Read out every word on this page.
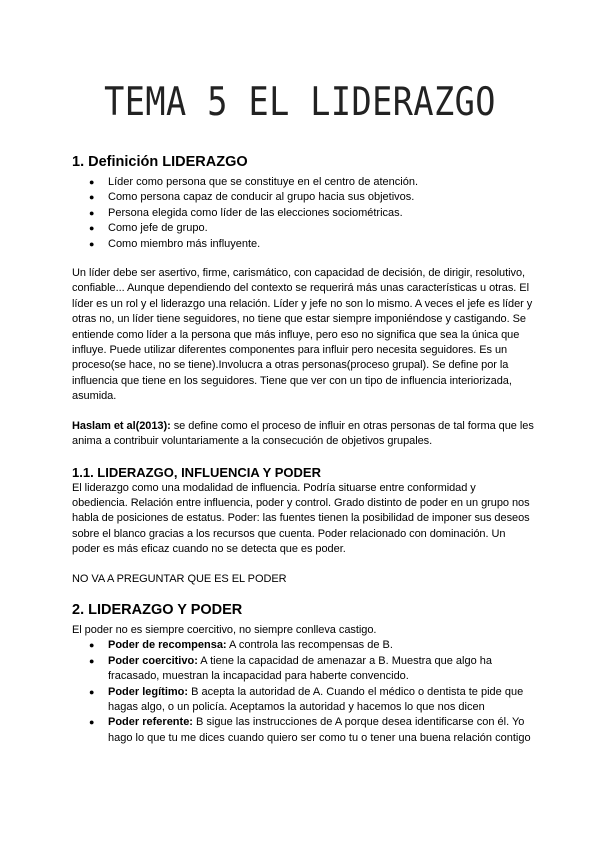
TEMA 5 EL LIDERAZGO
1. Definición LIDERAZGO
● Líder como persona que se constituye en el centro de atención.
● Como persona capaz de conducir al grupo hacia sus objetivos.
● Persona elegida como líder de las elecciones sociométricas.
● Como jefe de grupo.
● Como miembro más influyente.

Un líder debe ser asertivo, firme, carismático, con capacidad de decisión, de dirigir, resolutivo, confiable... Aunque dependiendo del contexto se requerirá más unas características u otras. El líder es un rol y el liderazgo una relación. Líder y jefe no son lo mismo. A veces el jefe es líder y otras no, un líder tiene seguidores, no tiene que estar siempre imponiéndose y castigando. Se entiende como líder a la persona que más influye, pero eso no significa que sea la única que influye. Puede utilizar diferentes componentes para influir pero necesita seguidores. Es un proceso(se hace, no se tiene).Involucra a otras personas(proceso grupal). Se define por la influencia que tiene en los seguidores. Tiene que ver con un tipo de influencia interiorizada, asumida.

Haslam et al(2013): se define como el proceso de influir en otras personas de tal forma que les anima a contribuir voluntariamente a la consecución de objetivos grupales.

1.1. LIDERAZGO, INFLUENCIA Y PODER

El liderazgo como una modalidad de influencia. Podría situarse entre conformidad y obediencia. Relación entre influencia, poder y control. Grado distinto de poder en un grupo nos habla de posiciones de estatus. Poder: las fuentes tienen la posibilidad de imponer sus deseos sobre el blanco gracias a los recursos que cuenta. Poder relacionado con dominación. Un poder es más eficaz cuando no se detecta que es poder.

NO VA A PREGUNTAR QUE ES EL PODER

2. LIDERAZGO Y PODER

El poder no es siempre coercitivo, no siempre conlleva castigo.

● Poder de recompensa: A controla las recompensas de B.
● Poder coercitivo: A tiene la capacidad de amenazar a B. Muestra que algo ha fracasado, muestran la incapacidad para haberte convencido.
● Poder legítimo: B acepta la autoridad de A. Cuando el médico o dentista te pide que hagas algo, o un policía. Aceptamos la autoridad y hacemos lo que nos dicen
● Poder referente: B sigue las instrucciones de A porque desea identificarse con él. Yo hago lo que tu me dices cuando quiero ser como tu o tener una buena relación contigo
